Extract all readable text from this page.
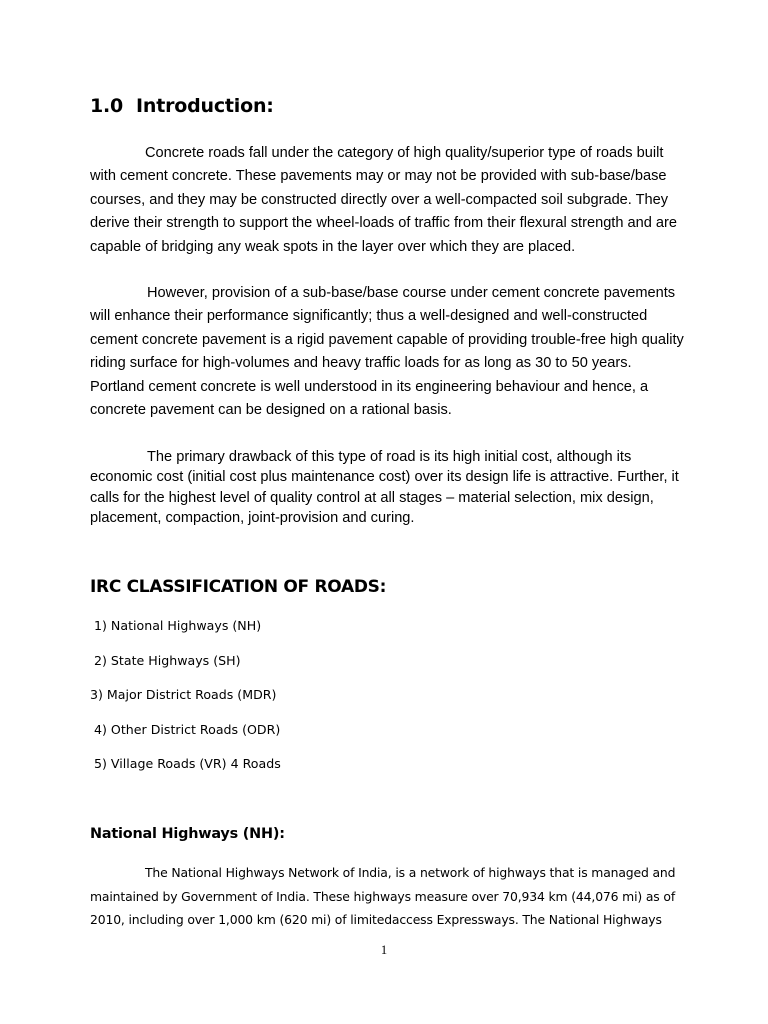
1.0 Introduction:

Concrete roads fall under the category of high quality/superior type of roads built with cement concrete. These pavements may or may not be provided with sub-base/base courses, and they may be constructed directly over a well-compacted soil subgrade. They derive their strength to support the wheel-loads of traffic from their flexural strength and are capable of bridging any weak spots in the layer over which they are placed.

However, provision of a sub-base/base course under cement concrete pavements will enhance their performance significantly; thus a well-designed and well-constructed cement concrete pavement is a rigid pavement capable of providing trouble-free high quality riding surface for high-volumes and heavy traffic loads for as long as 30 to 50 years. Portland cement concrete is well understood in its engineering behaviour and hence, a concrete pavement can be designed on a rational basis.

The primary drawback of this type of road is its high initial cost, although its economic cost (initial cost plus maintenance cost) over its design life is attractive. Further, it calls for the highest level of quality control at all stages – material selection, mix design, placement, compaction, joint-provision and curing.

IRC CLASSIFICATION OF ROADS:
1) National Highways (NH)
2) State Highways (SH)
3) Major District Roads (MDR)
4) Other District Roads (ODR)
5) Village Roads (VR) 4 Roads
National Highways (NH):

The National Highways Network of India, is a network of highways that is managed and maintained by Government of India. These highways measure over 70,934 km (44,076 mi) as of 2010, including over 1,000 km (620 mi) of limitedaccess Expressways. The National Highways

1
